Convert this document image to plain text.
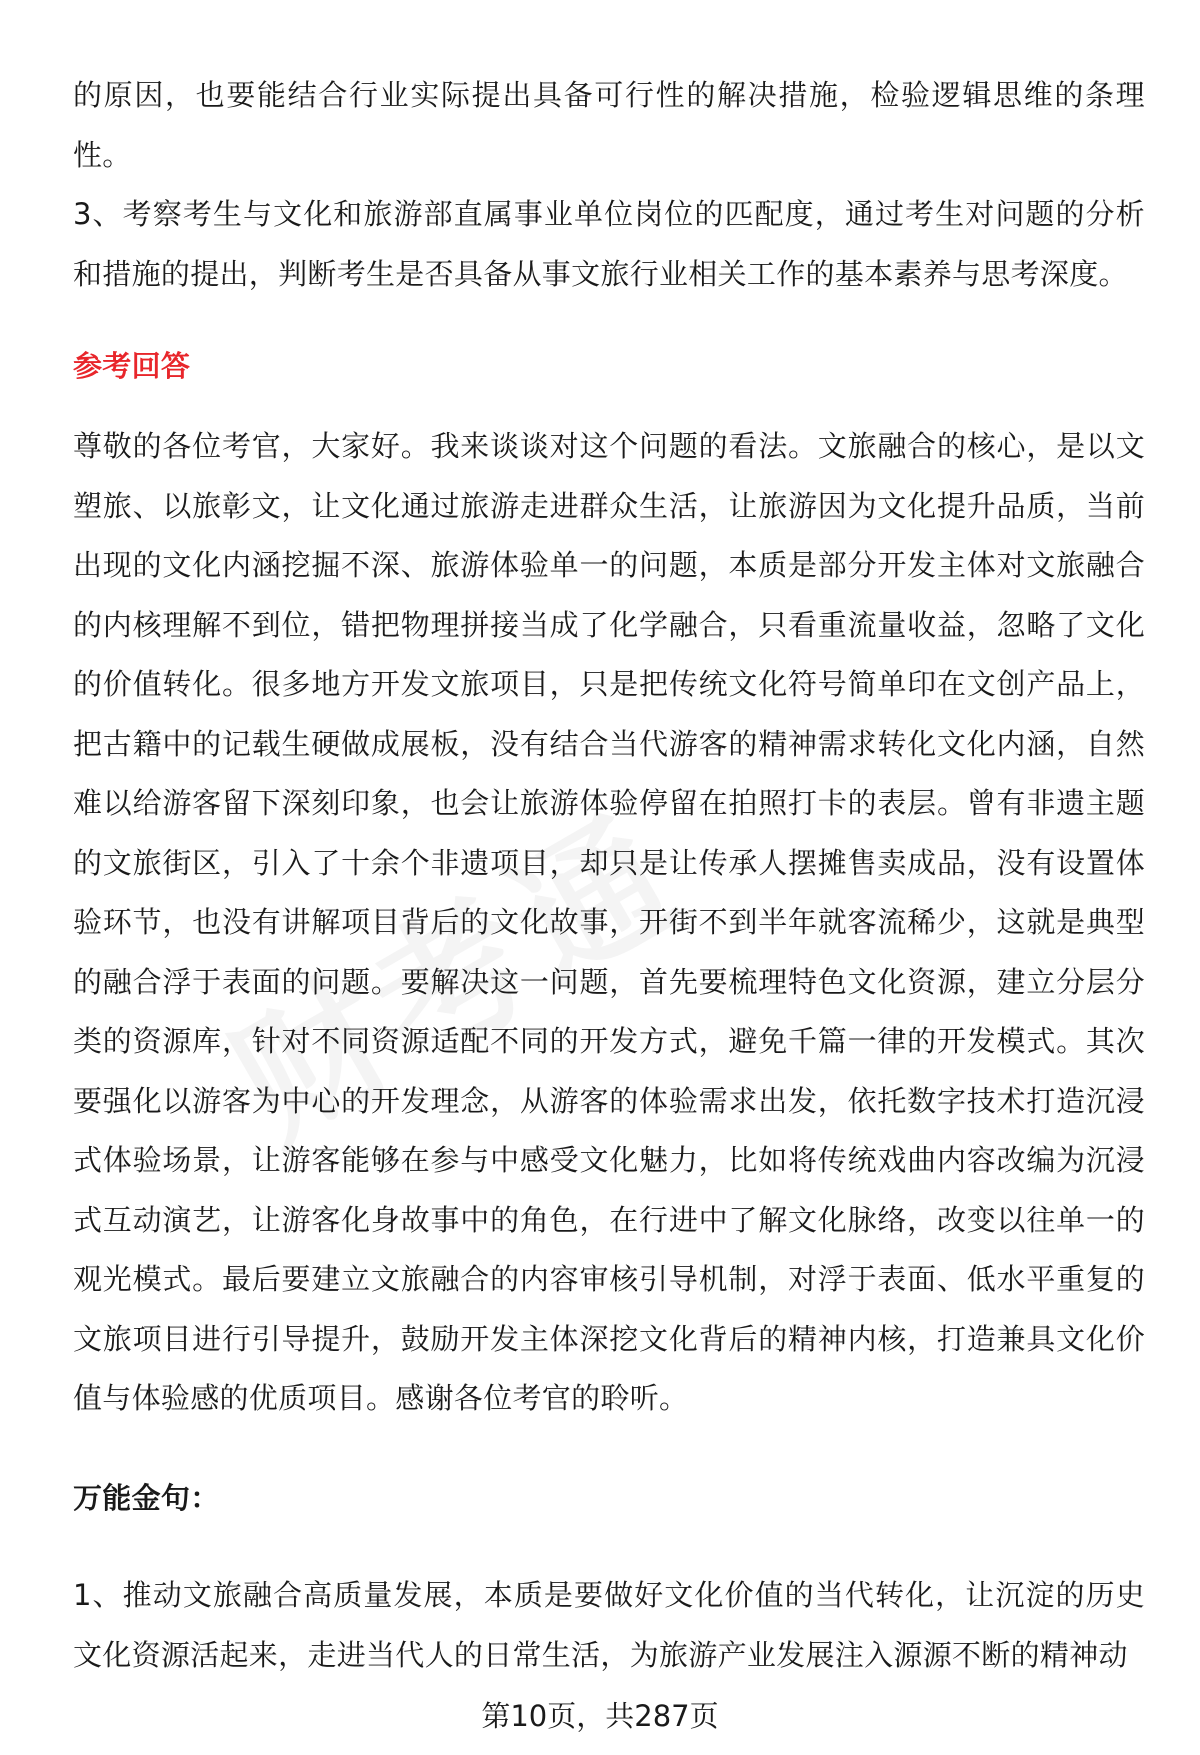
的原因，也要能结合行业实际提出具备可行性的解决措施，检验逻辑思维的条理性。
3、考察考生与文化和旅游部直属事业单位岗位的匹配度，通过考生对问题的分析和措施的提出，判断考生是否具备从事文旅行业相关工作的基本素养与思考深度。

参考回答

尊敬的各位考官，大家好。我来谈谈对这个问题的看法。文旅融合的核心，是以文塑旅、以旅彰文，让文化通过旅游走进群众生活，让旅游因为文化提升品质，当前出现的文化内涵挖掘不深、旅游体验单一的问题，本质是部分开发主体对文旅融合的内核理解不到位，错把物理拼接当成了化学融合，只看重流量收益，忽略了文化的价值转化。很多地方开发文旅项目，只是把传统文化符号简单印在文创产品上，把古籍中的记载生硬做成展板，没有结合当代游客的精神需求转化文化内涵，自然难以给游客留下深刻印象，也会让旅游体验停留在拍照打卡的表层。曾有非遗主题的文旅街区，引入了十余个非遗项目，却只是让传承人摆摊售卖成品，没有设置体验环节，也没有讲解项目背后的文化故事，开街不到半年就客流稀少，这就是典型的融合浮于表面的问题。要解决这一问题，首先要梳理特色文化资源，建立分层分类的资源库，针对不同资源适配不同的开发方式，避免千篇一律的开发模式。其次要强化以游客为中心的开发理念，从游客的体验需求出发，依托数字技术打造沉浸式体验场景，让游客能够在参与中感受文化魅力，比如将传统戏曲内容改编为沉浸式互动演艺，让游客化身故事中的角色，在行进中了解文化脉络，改变以往单一的观光模式。最后要建立文旅融合的内容审核引导机制，对浮于表面、低水平重复的文旅项目进行引导提升，鼓励开发主体深挖文化背后的精神内核，打造兼具文化价值与体验感的优质项目。感谢各位考官的聆听。

万能金句：

1、推动文旅融合高质量发展，本质是要做好文化价值的当代转化，让沉淀的历史文化资源活起来，走进当代人的日常生活，为旅游产业发展注入源源不断的精神动

第10页，共287页
